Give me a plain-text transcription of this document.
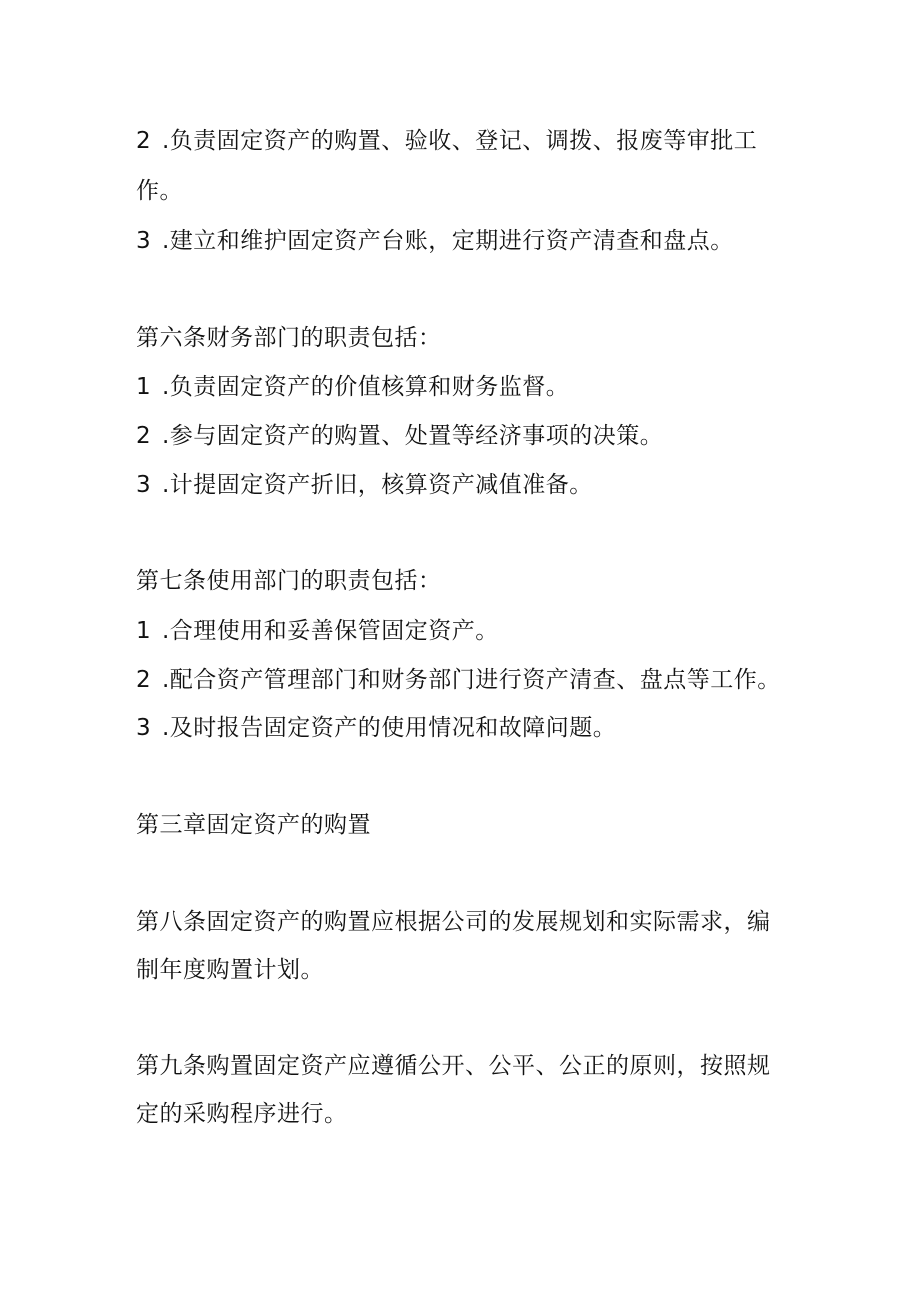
2 .负责固定资产的购置、验收、登记、调拨、报废等审批工
作。
3 .建立和维护固定资产台账，定期进行资产清查和盘点。
第六条财务部门的职责包括：
1 .负责固定资产的价值核算和财务监督。
2 .参与固定资产的购置、处置等经济事项的决策。
3 .计提固定资产折旧，核算资产减值准备。
第七条使用部门的职责包括：
1 .合理使用和妥善保管固定资产。
2 .配合资产管理部门和财务部门进行资产清查、盘点等工作。
3 .及时报告固定资产的使用情况和故障问题。
第三章固定资产的购置
第八条固定资产的购置应根据公司的发展规划和实际需求，编
制年度购置计划。
第九条购置固定资产应遵循公开、公平、公正的原则，按照规
定的采购程序进行。
